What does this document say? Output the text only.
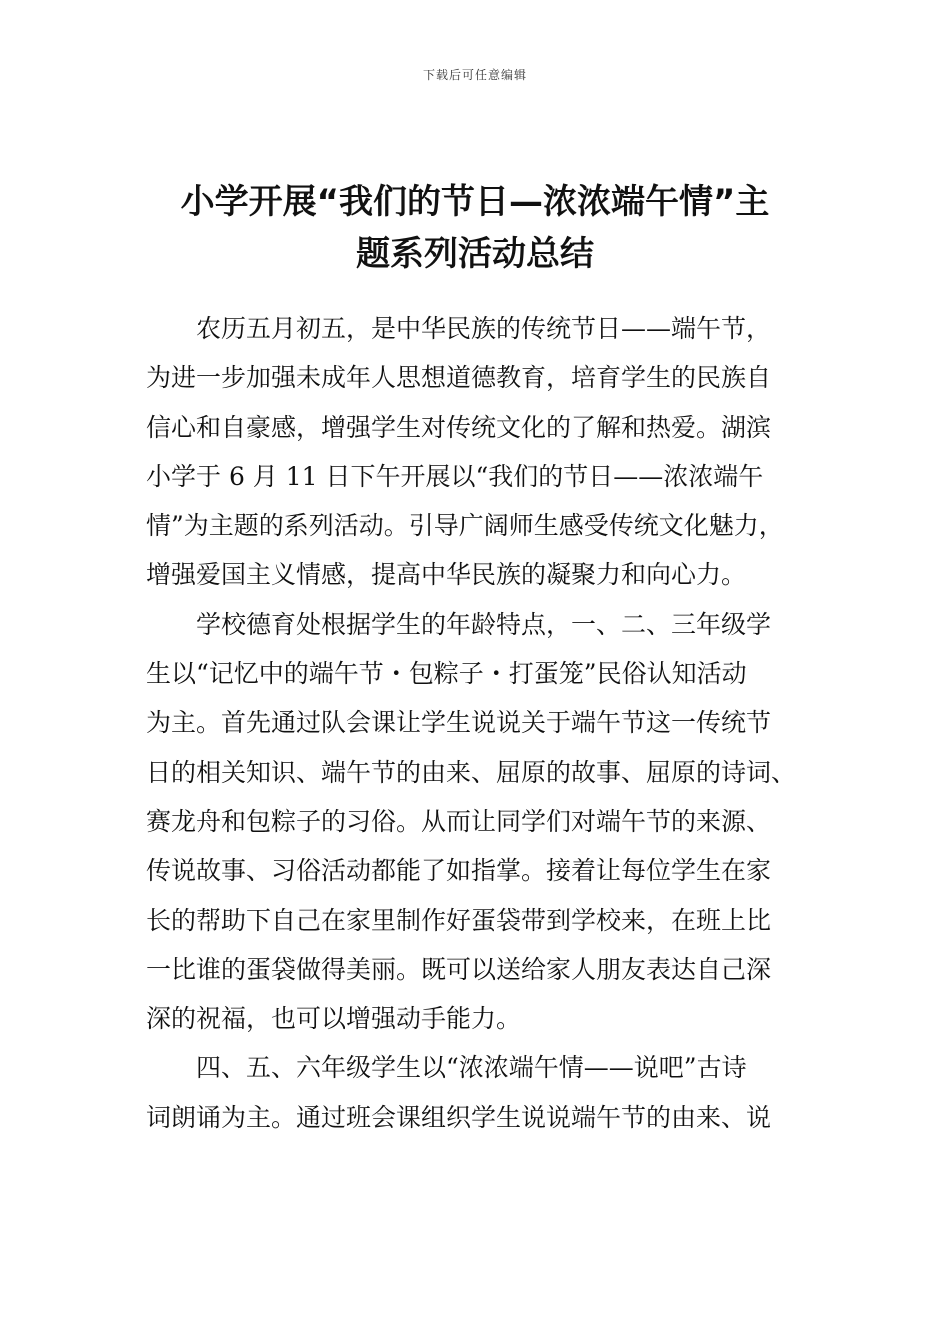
下载后可任意编辑
小学开展“我们的节日—浓浓端午情”主
题系列活动总结
农历五月初五，是中华民族的传统节日——端午节，
为进一步加强未成年人思想道德教育，培育学生的民族自
信心和自豪感，增强学生对传统文化的了解和热爱。湖滨
小学于 6 月 11 日下午开展以“我们的节日——浓浓端午
情”为主题的系列活动。引导广阔师生感受传统文化魅力，
增强爱国主义情感，提高中华民族的凝聚力和向心力。
学校德育处根据学生的年龄特点，一、二、三年级学
生以“记忆中的端午节・包粽子・打蛋笼”民俗认知活动
为主。首先通过队会课让学生说说关于端午节这一传统节
日的相关知识、端午节的由来、屈原的故事、屈原的诗词、
赛龙舟和包粽子的习俗。从而让同学们对端午节的来源、
传说故事、习俗活动都能了如指掌。接着让每位学生在家
长的帮助下自己在家里制作好蛋袋带到学校来，在班上比
一比谁的蛋袋做得美丽。既可以送给家人朋友表达自己深
深的祝福，也可以增强动手能力。
四、五、六年级学生以“浓浓端午情——说吧”古诗
词朗诵为主。通过班会课组织学生说说端午节的由来、说
